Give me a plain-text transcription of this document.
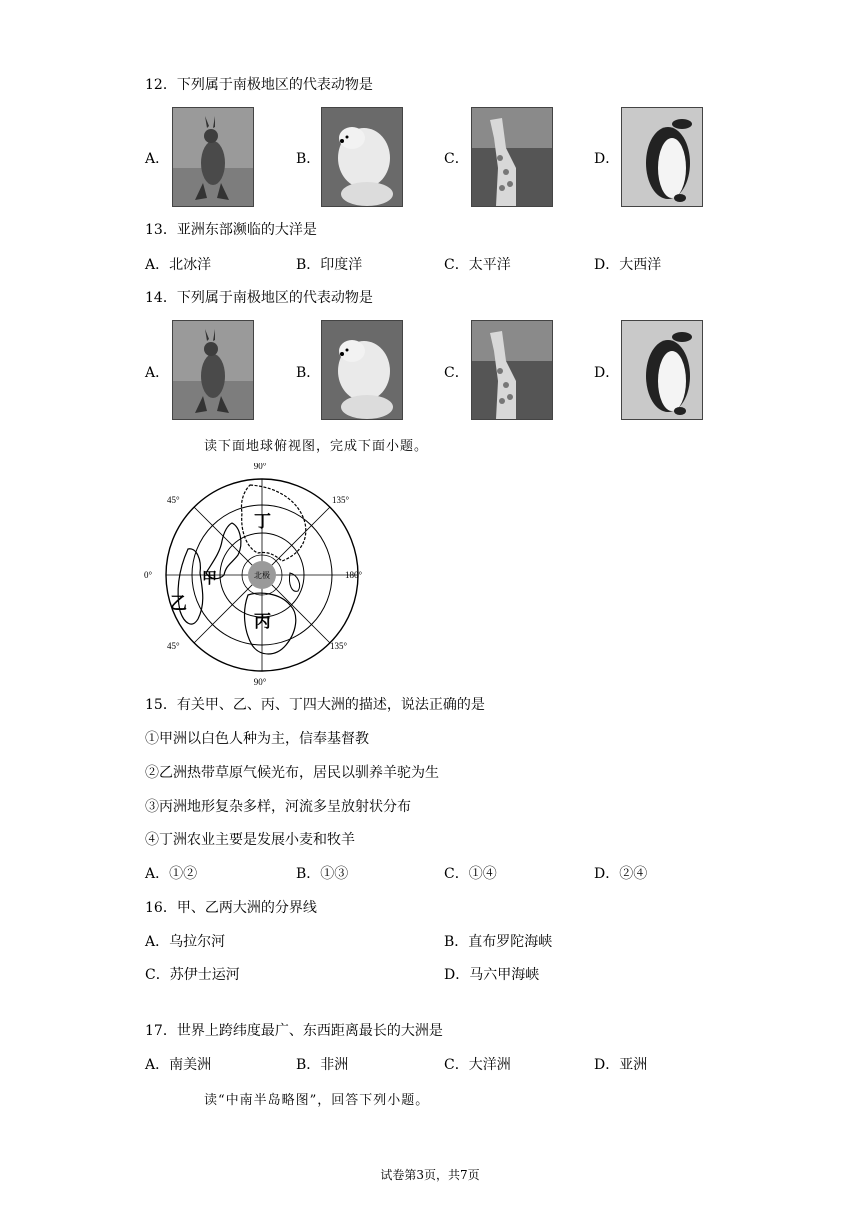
12．下列属于南极地区的代表动物是
A．	B．	C．	D．
13．亚洲东部濒临的大洋是
A．北冰洋	B．印度洋	C．太平洋	D．大西洋
14．下列属于南极地区的代表动物是
A．	B．	C．	D．
读下面地球俯视图，完成下面小题。
90°
90°
0°	180°
45°	135°
45°	135°
北极
甲
乙
丙
丁
15．有关甲、乙、丙、丁四大洲的描述，说法正确的是
①甲洲以白色人种为主，信奉基督教
②乙洲热带草原气候光布，居民以驯养羊驼为生
③丙洲地形复杂多样，河流多呈放射状分布
④丁洲农业主要是发展小麦和牧羊
A．①②	B．①③	C．①④	D．②④
16．甲、乙两大洲的分界线
A．乌拉尔河	B．直布罗陀海峡
C．苏伊士运河	D．马六甲海峡
17．世界上跨纬度最广、东西距离最长的大洲是
A．南美洲	B．非洲	C．大洋洲	D．亚洲
读“中南半岛略图”，回答下列小题。
试卷第3页，共7页
